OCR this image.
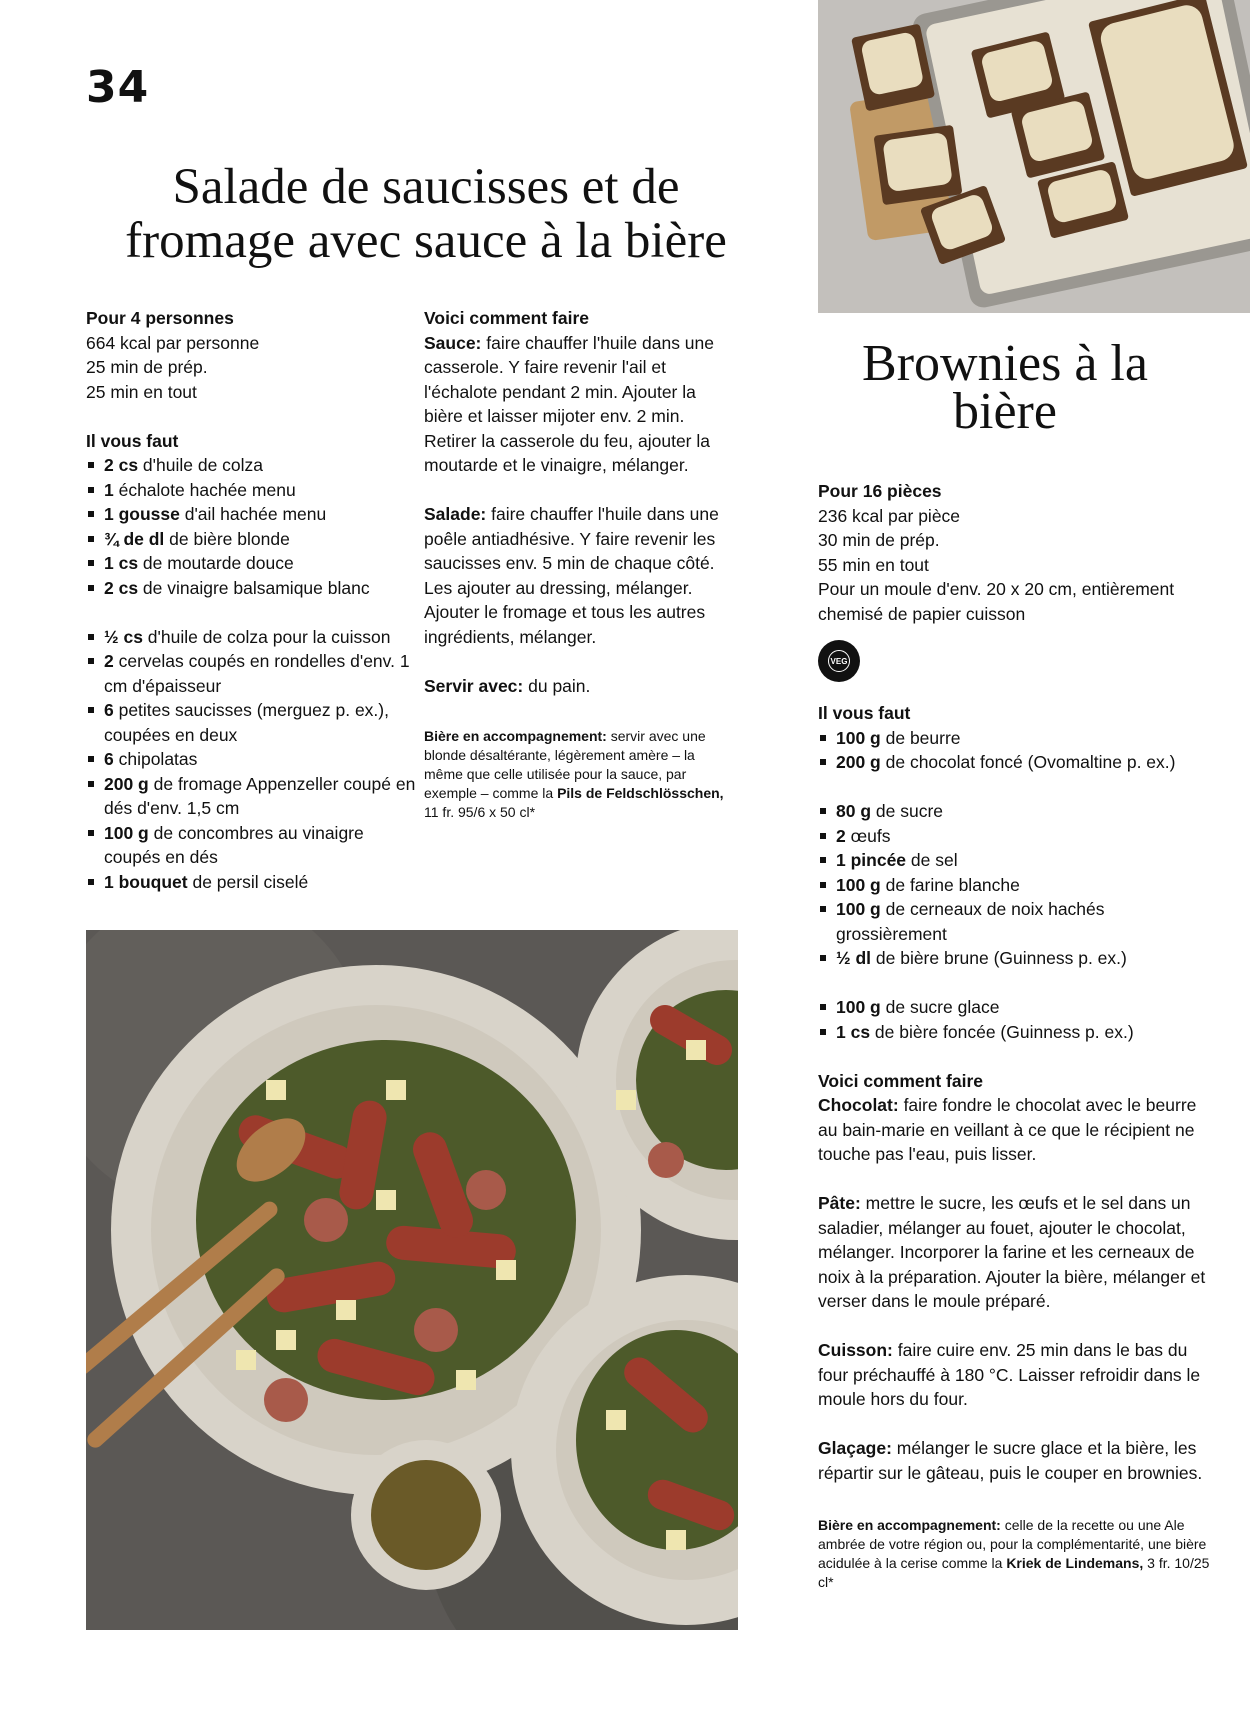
34
Salade de saucisses et de fromage avec sauce à la bière

Pour 4 personnes

664 kcal par personne

25 min de prép.

25 min en tout

Il vous faut

2 cs d'huile de colza
1 échalote hachée menu
1 gousse d'ail hachée menu
¾ de dl de bière blonde
1 cs de moutarde douce
2 cs de vinaigre balsamique blanc
½ cs d'huile de colza pour la cuisson
2 cervelas coupés en rondelles d'env. 1 cm d'épaisseur
6 petites saucisses (merguez p. ex.), coupées en deux
6 chipolatas
200 g de fromage Appenzeller coupé en dés d'env. 1,5 cm
100 g de concombres au vinaigre coupés en dés
1 bouquet de persil ciselé

Voici comment faire

Sauce: faire chauffer l'huile dans une casserole. Y faire revenir l'ail et l'échalote pendant 2 min. Ajouter la bière et laisser mijoter env. 2 min. Retirer la casserole du feu, ajouter la moutarde et le vinaigre, mélanger.

Salade: faire chauffer l'huile dans une poêle antiadhésive. Y faire revenir les saucisses env. 5 min de chaque côté. Les ajouter au dressing, mélanger. Ajouter le fromage et tous les autres ingrédients, mélanger.

Servir avec: du pain.

Bière en accompagnement: servir avec une blonde désaltérante, légèrement amère – la même que celle utilisée pour la sauce, par exemple – comme la Pils de Feldschlösschen, 11 fr. 95/6 x 50 cl*

Brownies à la bière

Pour 16 pièces

236 kcal par pièce

30 min de prép.

55 min en tout

Pour un moule d'env. 20 x 20 cm, entièrement chemisé de papier cuisson

Il vous faut

100 g de beurre
200 g de chocolat foncé (Ovomaltine p. ex.)
80 g de sucre
2 œufs
1 pincée de sel
100 g de farine blanche
100 g de cerneaux de noix hachés grossièrement
½ dl de bière brune (Guinness p. ex.)
100 g de sucre glace
1 cs de bière foncée (Guinness p. ex.)

Voici comment faire

Chocolat: faire fondre le chocolat avec le beurre au bain-marie en veillant à ce que le récipient ne touche pas l'eau, puis lisser.

Pâte: mettre le sucre, les œufs et le sel dans un saladier, mélanger au fouet, ajouter le chocolat, mélanger. Incorporer la farine et les cerneaux de noix à la préparation. Ajouter la bière, mélanger et verser dans le moule préparé.

Cuisson: faire cuire env. 25 min dans le bas du four préchauffé à 180 °C. Laisser refroidir dans le moule hors du four.

Glaçage: mélanger le sucre glace et la bière, les répartir sur le gâteau, puis le couper en brownies.

Bière en accompagnement: celle de la recette ou une Ale ambrée de votre région ou, pour la complémentarité, une bière acidulée à la cerise comme la Kriek de Lindemans, 3 fr. 10/25 cl*

VEG
